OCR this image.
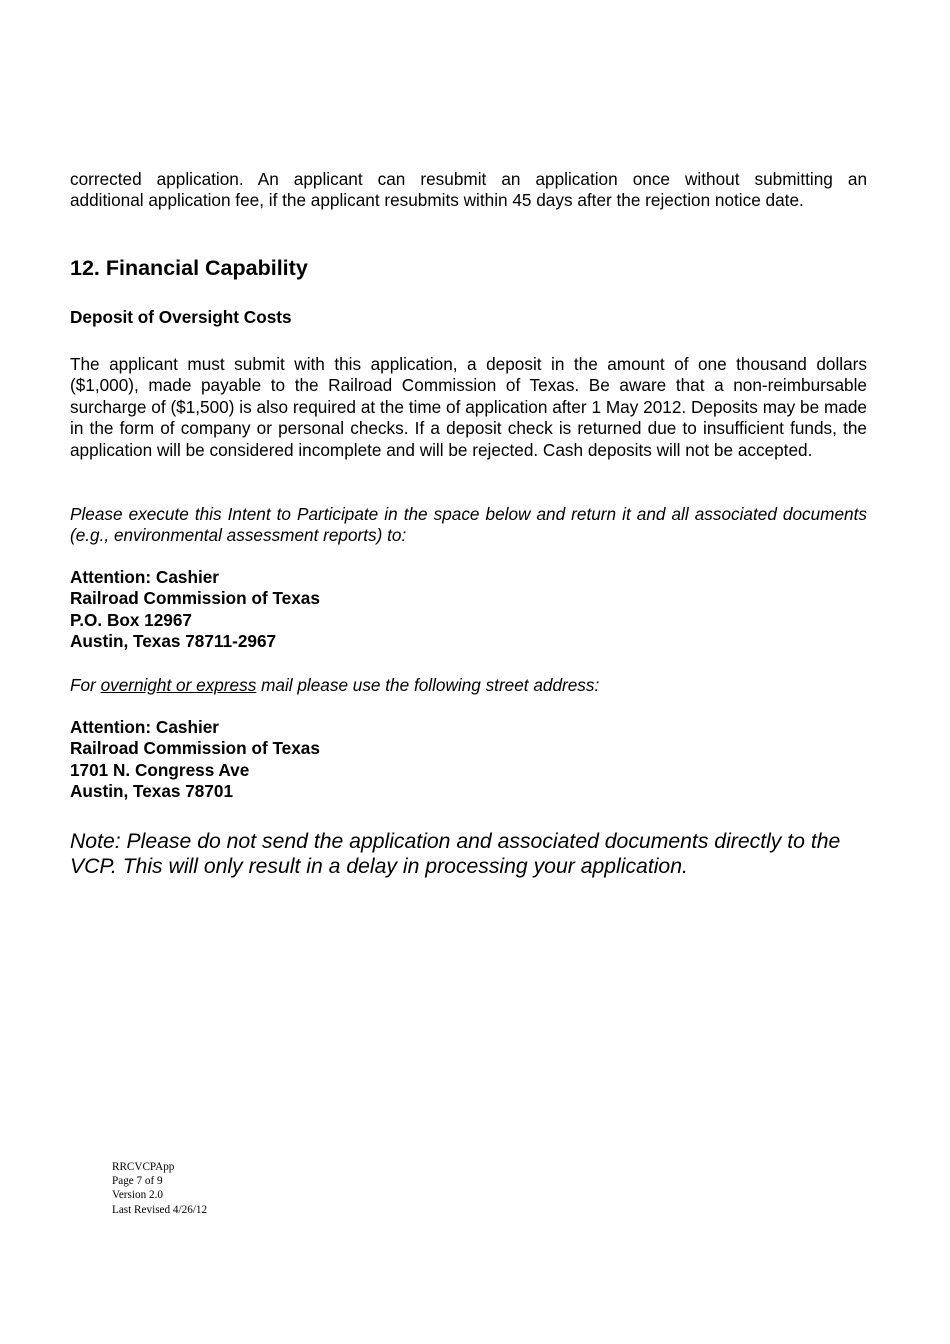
corrected application. An applicant can resubmit an application once without submitting an

additional application fee, if the applicant resubmits within 45 days after the rejection notice date.

12. Financial Capability
Deposit of Oversight Costs

The applicant must submit with this application, a deposit in the amount of one thousand dollars ($1,000), made payable to the Railroad Commission of Texas. Be aware that a non-reimbursable surcharge of ($1,500) is also required at the time of application after 1 May 2012. Deposits may be made in the form of company or personal checks. If a deposit check is returned due to insufficient funds, the application will be considered incomplete and will be rejected. Cash deposits will not be accepted.

Please execute this Intent to Participate in the space below and return it and all associated documents (e.g., environmental assessment reports) to:

Attention: Cashier
Railroad Commission of Texas
P.O. Box 12967
Austin, Texas 78711-2967

For overnight or express mail please use the following street address:

Attention: Cashier
Railroad Commission of Texas
1701 N. Congress Ave
Austin, Texas 78701

Note: Please do not send the application and associated documents directly to the VCP. This will only result in a delay in processing your application.

RRCVCPApp
Page 7 of 9
Version 2.0
Last Revised 4/26/12
